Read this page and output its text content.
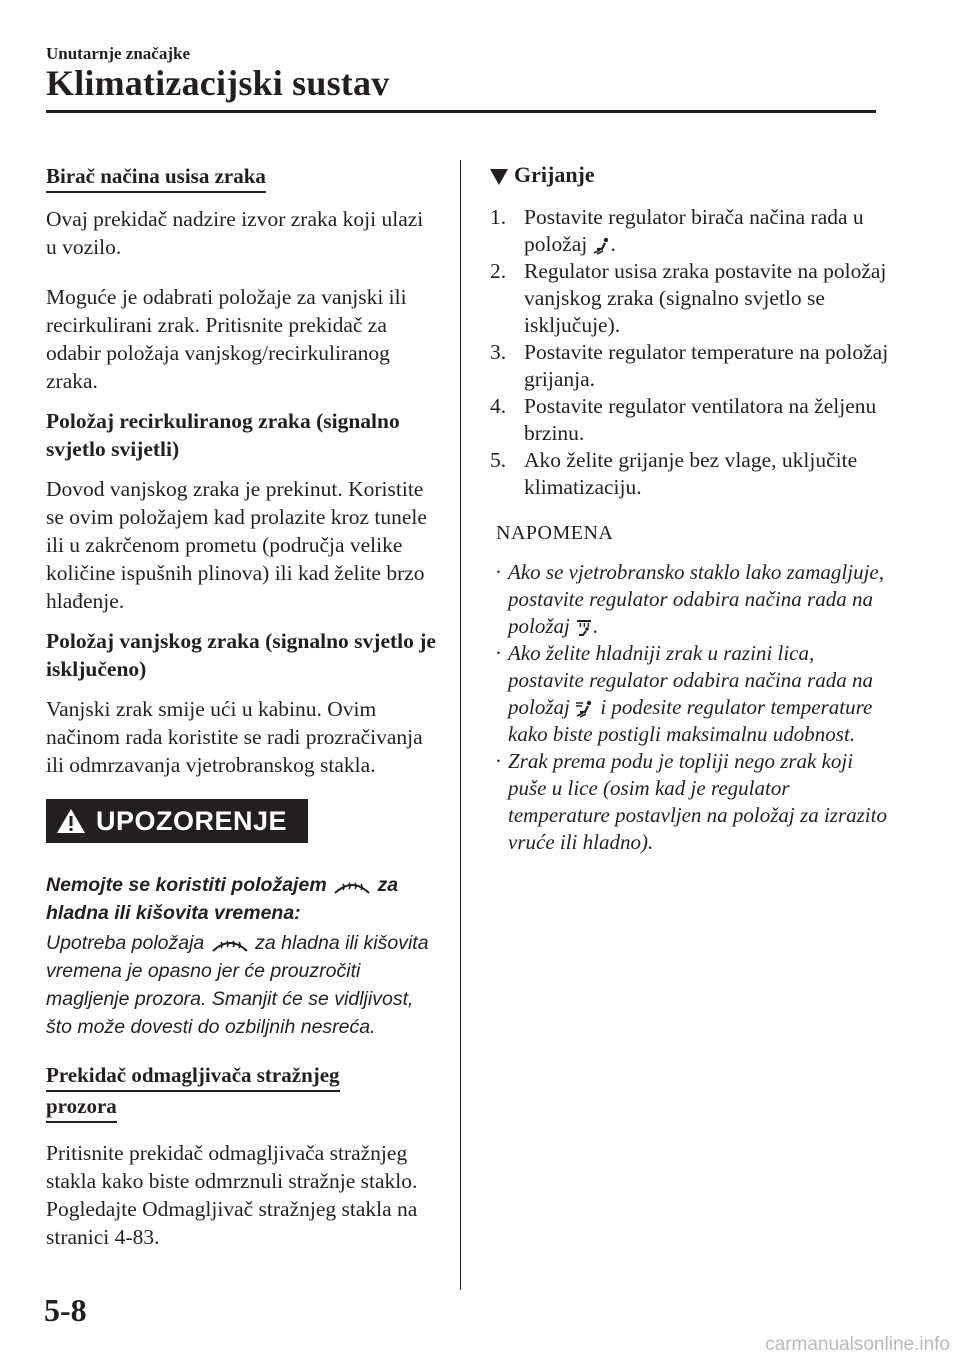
Unutarnje značajke
Klimatizacijski sustav
Birač načina usisa zraka

Ovaj prekidač nadzire izvor zraka koji ulazi u vozilo.

Moguće je odabrati položaje za vanjski ili recirkulirani zrak. Pritisnite prekidač za odabir položaja vanjskog/recirkuliranog zraka.

Položaj recirkuliranog zraka (signalno svjetlo svijetli)

Dovod vanjskog zraka je prekinut. Koristite se ovim položajem kad prolazite kroz tunele ili u zakrčenom prometu (područja velike količine ispušnih plinova) ili kad želite brzo hlađenje.

Položaj vanjskog zraka (signalno svjetlo je isključeno)

Vanjski zrak smije ući u kabinu. Ovim načinom rada koristite se radi prozračivanja ili odmrzavanja vjetrobranskog stakla.

UPOZORENJE
Nemojte se koristiti položajem	za hladna ili kišovita vremena:
Upotreba položaja	za hladna ili kišovita vremena je opasno jer će prouzročiti magljenje prozora. Smanjit će se vidljivost, što može dovesti do ozbiljnih nesreća.
Prekidač odmagljivača stražnjeg
prozora

Pritisnite prekidač odmagljivača stražnjeg stakla kako biste odmrznuli stražnje staklo.

Pogledajte Odmagljivač stražnjeg stakla na stranici 4-83.

Grijanje
1. Postavite regulator birača načina rada u položaj .
2. Regulator usisa zraka postavite na položaj vanjskog zraka (signalno svjetlo se isključuje).
3. Postavite regulator temperature na položaj grijanja.
4. Postavite regulator ventilatora na željenu brzinu.
5. Ako želite grijanje bez vlage, uključite klimatizaciju.

NAPOMENA

· Ako se vjetrobransko staklo lako zamagljuje, postavite regulator odabira načina rada na položaj .
· Ako želite hladniji zrak u razini lica, postavite regulator odabira načina rada na položaj i podesite regulator temperature kako biste postigli maksimalnu udobnost.
· Zrak prema podu je topliji nego zrak koji puše u lice (osim kad je regulator temperature postavljen na položaj za izrazito vruće ili hladno).
5-8
carmanualsonline.info
